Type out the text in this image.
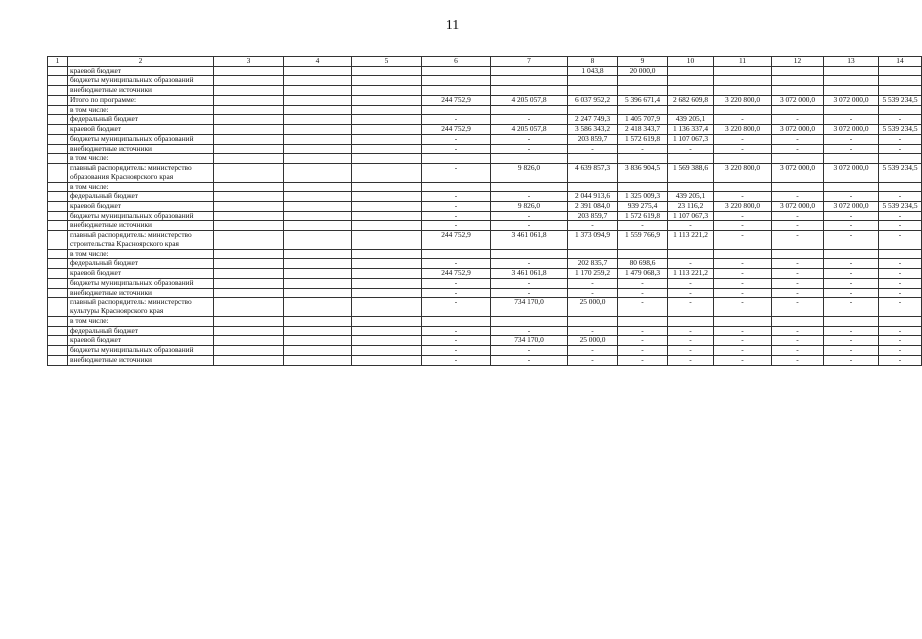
11
1	2	3	4	5	6	7	8	9	10	11	12	13	14
	краевой бюджет						1 043,8	20 000,0					
	бюджеты муниципальных образований												
	внебюджетные источники												
	Итого по программе:				244 752,9	4 205 057,8	6 037 952,2	5 396 671,4	2 682 609,8	3 220 800,0	3 072 000,0	3 072 000,0	5 539 234,5
	в том числе:												
	федеральный бюджет				-	-	2 247 749,3	1 405 707,9	439 205,1	-	-	-	-
	краевой бюджет				244 752,9	4 205 057,8	3 586 343,2	2 418 343,7	1 136 337,4	3 220 800,0	3 072 000,0	3 072 000,0	5 539 234,5
	бюджеты муниципальных образований				-	-	203 859,7	1 572 619,8	1 107 067,3	-	-	-	-
	внебюджетные источники				-	-	-	-	-	-	-	-	-
	в том числе:												
	главный распорядитель: министерство образования Красноярского края				-	9 826,0	4 639 857,3	3 836 904,5	1 569 388,6	3 220 800,0	3 072 000,0	3 072 000,0	5 539 234,5
	в том числе:												
	федеральный бюджет				-	-	2 044 913,6	1 325 009,3	439 205,1	-	-	-	-
	краевой бюджет				-	9 826,0	2 391 084,0	939 275,4	23 116,2	3 220 800,0	3 072 000,0	3 072 000,0	5 539 234,5
	бюджеты муниципальных образований				-	-	203 859,7	1 572 619,8	1 107 067,3	-	-	-	-
	внебюджетные источники				-	-	-	-	-	-	-	-	-
	главный распорядитель: министерство строительства Красноярского края				244 752,9	3 461 061,8	1 373 094,9	1 559 766,9	1 113 221,2	-	-	-	-
	в том числе:												
	федеральный бюджет				-	-	202 835,7	80 698,6	-	-	-	-	-
	краевой бюджет				244 752,9	3 461 061,8	1 170 259,2	1 479 068,3	1 113 221,2	-	-	-	-
	бюджеты муниципальных образований				-	-	-	-	-	-	-	-	-
	внебюджетные источники				-	-	-	-	-	-	-	-	-
	главный распорядитель: министерство культуры Красноярского края				-	734 170,0	25 000,0	-	-	-	-	-	-
	в том числе:												
	федеральный бюджет				-	-	-	-	-	-	-	-	-
	краевой бюджет				-	734 170,0	25 000,0	-	-	-	-	-	-
	бюджеты муниципальных образований				-	-	-	-	-	-	-	-	-
	внебюджетные источники				-	-	-	-	-	-	-	-	-
